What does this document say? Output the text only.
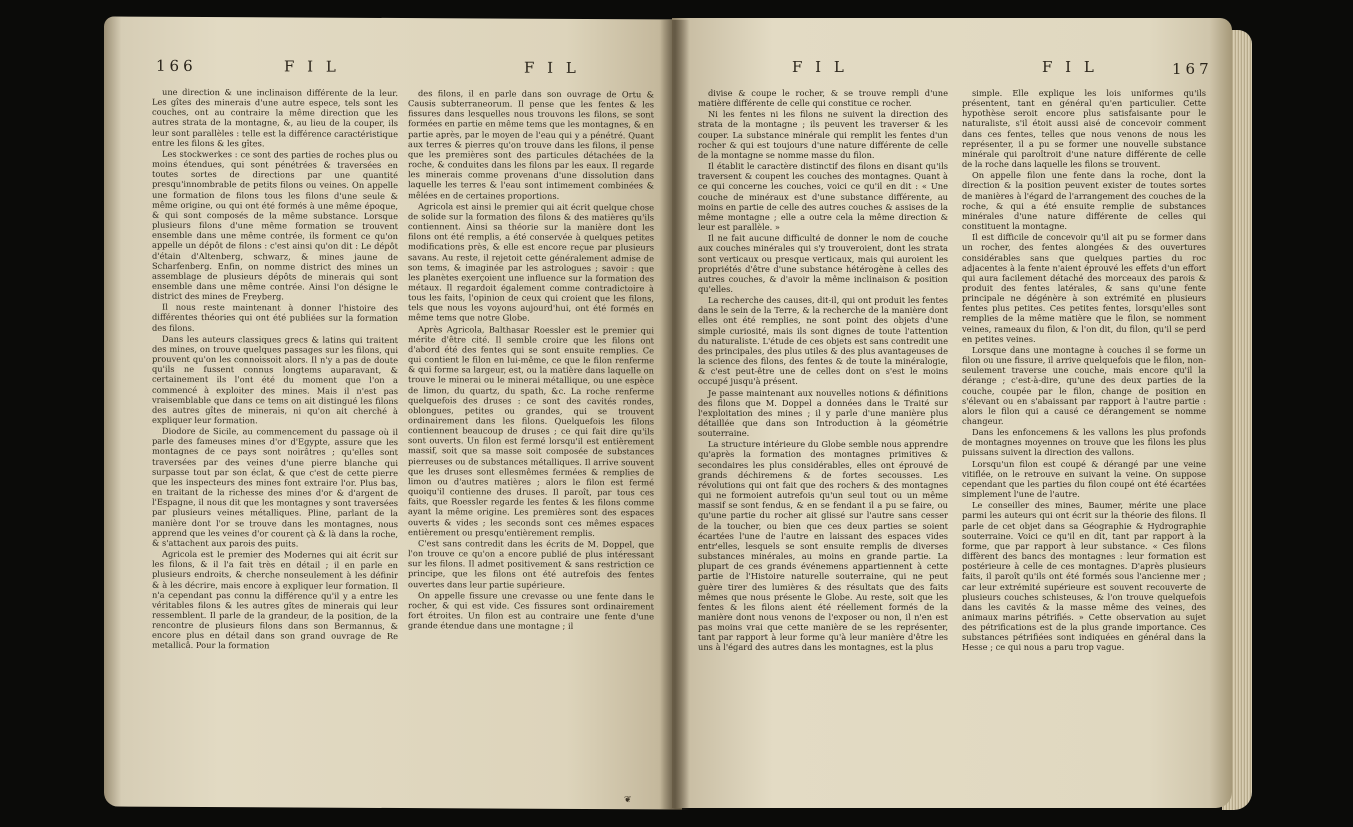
166	F I L	F I L

une direction & une inclinaison différente de la leur. Les gîtes des minerais d'une autre espece, tels sont les couches, ont au contraire la même direction que les autres strata de la montagne, &, au lieu de la couper, ils leur sont parallèles : telle est la différence caractéristique entre les filons & les gîtes.

Les stockwerkes : ce sont des parties de roches plus ou moins étendues, qui sont pénétrées & traversées en toutes sortes de directions par une quantité presqu'innombrable de petits filons ou veines. On appelle une formation de filons tous les filons d'une seule & même origine, ou qui ont été formés à une même époque, & qui sont composés de la même substance. Lorsque plusieurs filons d'une même formation se trouvent ensemble dans une même contrée, ils forment ce qu'on appelle un dépôt de filons : c'est ainsi qu'on dit : Le dépôt d'étain d'Altenberg, schwarz, & mines jaune de Scharfenberg. Enfin, on nomme district des mines un assemblage de plusieurs dépôts de minerais qui sont ensemble dans une même contrée. Ainsi l'on désigne le district des mines de Freyberg.

Il nous reste maintenant à donner l'histoire des différentes théories qui ont été publiées sur la formation des filons.

Dans les auteurs classiques grecs & latins qui traitent des mines, on trouve quelques passages sur les filons, qui prouvent qu'on les connoissoit alors. Il n'y a pas de doute qu'ils ne fussent connus longtems auparavant, & certainement ils l'ont été du moment que l'on a commencé à exploiter des mines. Mais il n'est pas vraisemblable que dans ce tems on ait distingué les filons des autres gîtes de minerais, ni qu'on ait cherché à expliquer leur formation.

Diodore de Sicile, au commencement du passage où il parle des fameuses mines d'or d'Egypte, assure que les montagnes de ce pays sont noirâtres ; qu'elles sont traversées par des veines d'une pierre blanche qui surpasse tout par son éclat, & que c'est de cette pierre que les inspecteurs des mines font extraire l'or. Plus bas, en traitant de la richesse des mines d'or & d'argent de l'Espagne, il nous dit que les montagnes y sont traversées par plusieurs veines métalliques. Pline, parlant de la manière dont l'or se trouve dans les montagnes, nous apprend que les veines d'or courent çà & là dans la roche, & s'attachent aux parois des puits.

Agricola est le premier des Modernes qui ait écrit sur les filons, & il l'a fait très en détail ; il en parle en plusieurs endroits, & cherche nonseulement à les définir & à les décrire, mais encore à expliquer leur formation. Il n'a cependant pas connu la différence qu'il y a entre les véritables filons & les autres gîtes de minerais qui leur ressemblent. Il parle de la grandeur, de la position, de la rencontre de plusieurs filons dans son Bermannus, & encore plus en détail dans son grand ouvrage de Re metallicâ. Pour la formation

des filons, il en parle dans son ouvrage de Ortu & Causis subterraneorum. Il pense que les fentes & les fissures dans lesquelles nous trouvons les filons, se sont formées en partie en même tems que les montagnes, & en partie après, par le moyen de l'eau qui y a pénétré. Quant aux terres & pierres qu'on trouve dans les filons, il pense que les premières sont des particules détachées de la roche, & conduites dans les filons par les eaux. Il regarde les minerais comme provenans d'une dissolution dans laquelle les terres & l'eau sont intimement combinées & mêlées en de certaines proportions.

Agricola est ainsi le premier qui ait écrit quelque chose de solide sur la formation des filons & des matières qu'ils contiennent. Ainsi sa théorie sur la manière dont les filons ont été remplis, a été conservée à quelques petites modifications près, & elle est encore reçue par plusieurs savans. Au reste, il rejetoit cette généralement admise de son tems, & imaginée par les astrologues ; savoir : que les planètes exerçoient une influence sur la formation des métaux. Il regardoit également comme contradictoire à tous les faits, l'opinion de ceux qui croient que les filons, tels que nous les voyons aujourd'hui, ont été formés en même tems que notre Globe.

Après Agricola, Balthasar Roessler est le premier qui mérite d'être cité. Il semble croire que les filons ont d'abord été des fentes qui se sont ensuite remplies. Ce qui contient le filon en lui-même, ce que le filon renferme & qui forme sa largeur, est, ou la matière dans laquelle on trouve le minerai ou le minerai métallique, ou une espèce de limon, du quartz, du spath, &c. La roche renferme quelquefois des druses : ce sont des cavités rondes, oblongues, petites ou grandes, qui se trouvent ordinairement dans les filons. Quelquefois les filons contiennent beaucoup de druses ; ce qui fait dire qu'ils sont ouverts. Un filon est fermé lorsqu'il est entièrement massif, soit que sa masse soit composée de substances pierreuses ou de substances métalliques. Il arrive souvent que les druses sont ellesmêmes fermées & remplies de limon ou d'autres matières ; alors le filon est fermé quoiqu'il contienne des druses. Il paroît, par tous ces faits, que Roessler regarde les fentes & les filons comme ayant la même origine. Les premières sont des espaces ouverts & vides ; les seconds sont ces mêmes espaces entièrement ou presqu'entièrement remplis.

C'est sans contredit dans les écrits de M. Doppel, que l'on trouve ce qu'on a encore publié de plus intéressant sur les filons. Il admet positivement & sans restriction ce principe, que les filons ont été autrefois des fentes ouvertes dans leur partie supérieure.

On appelle fissure une crevasse ou une fente dans le rocher, & qui est vide. Ces fissures sont ordinairement fort étroites. Un filon est au contraire une fente d'une grande étendue dans une montagne ; il

❦
F I L	F I L	167

divise & coupe le rocher, & se trouve rempli d'une matière différente de celle qui constitue ce rocher.

Ni les fentes ni les filons ne suivent la direction des strata de la montagne ; ils peuvent les traverser & les couper. La substance minérale qui remplit les fentes d'un rocher & qui est toujours d'une nature différente de celle de la montagne se nomme masse du filon.

Il établit le caractère distinctif des filons en disant qu'ils traversent & coupent les couches des montagnes. Quant à ce qui concerne les couches, voici ce qu'il en dit : « Une couche de minéraux est d'une substance différente, au moins en partie de celle des autres couches & assises de la même montagne ; elle a outre cela la même direction & leur est parallèle. »

Il ne fait aucune difficulté de donner le nom de couche aux couches minérales qui s'y trouveroient, dont les strata sont verticaux ou presque verticaux, mais qui auroient les propriétés d'être d'une substance hétérogène à celles des autres couches, & d'avoir la même inclinaison & position qu'elles.

La recherche des causes, dit-il, qui ont produit les fentes dans le sein de la Terre, & la recherche de la manière dont elles ont été remplies, ne sont point des objets d'une simple curiosité, mais ils sont dignes de toute l'attention du naturaliste. L'étude de ces objets est sans contredit une des principales, des plus utiles & des plus avantageuses de la science des filons, des fentes & de toute la minéralogie, & c'est peut-être une de celles dont on s'est le moins occupé jusqu'à présent.

Je passe maintenant aux nouvelles notions & définitions des filons que M. Doppel a données dans le Traité sur l'exploitation des mines ; il y parle d'une manière plus détaillée que dans son Introduction à la géométrie souterraine.

La structure intérieure du Globe semble nous apprendre qu'après la formation des montagnes primitives & secondaires les plus considérables, elles ont éprouvé de grands déchiremens & de fortes secousses. Les révolutions qui ont fait que des rochers & des montagnes qui ne formoient autrefois qu'un seul tout ou un même massif se sont fendus, & en se fendant il a pu se faire, ou qu'une partie du rocher ait glissé sur l'autre sans cesser de la toucher, ou bien que ces deux parties se soient écartées l'une de l'autre en laissant des espaces vides entr'elles, lesquels se sont ensuite remplis de diverses substances minérales, au moins en grande partie. La plupart de ces grands événemens appartiennent à cette partie de l'Histoire naturelle souterraine, qui ne peut guère tirer des lumières & des résultats que des faits mêmes que nous présente le Globe. Au reste, soit que les fentes & les filons aient été réellement formés de la manière dont nous venons de l'exposer ou non, il n'en est pas moins vrai que cette manière de se les représenter, tant par rapport à leur forme qu'à leur manière d'être les uns à l'égard des autres dans les montagnes, est la plus

simple. Elle explique les lois uniformes qu'ils présentent, tant en général qu'en particulier. Cette hypothèse seroit encore plus satisfaisante pour le naturaliste, s'il étoit aussi aisé de concevoir comment dans ces fentes, telles que nous venons de nous les représenter, il a pu se former une nouvelle substance minérale qui paroîtroit d'une nature différente de celle de la roche dans laquelle les filons se trouvent.

On appelle filon une fente dans la roche, dont la direction & la position peuvent exister de toutes sortes de manières à l'égard de l'arrangement des couches de la roche, & qui a été ensuite remplie de substances minérales d'une nature différente de celles qui constituent la montagne.

Il est difficile de concevoir qu'il ait pu se former dans un rocher, des fentes alongées & des ouvertures considérables sans que quelques parties du roc adjacentes à la fente n'aient éprouvé les effets d'un effort qui aura facilement détaché des morceaux des parois & produit des fentes latérales, & sans qu'une fente principale ne dégénère à son extrémité en plusieurs fentes plus petites. Ces petites fentes, lorsqu'elles sont remplies de la même matière que le filon, se nomment veines, rameaux du filon, & l'on dit, du filon, qu'il se perd en petites veines.

Lorsque dans une montagne à couches il se forme un filon ou une fissure, il arrive quelquefois que le filon, non-seulement traverse une couche, mais encore qu'il la dérange ; c'est-à-dire, qu'une des deux parties de la couche, coupée par le filon, change de position en s'élevant ou en s'abaissant par rapport à l'autre partie : alors le filon qui a causé ce dérangement se nomme changeur.

Dans les enfoncemens & les vallons les plus profonds de montagnes moyennes on trouve que les filons les plus puissans suivent la direction des vallons.

Lorsqu'un filon est coupé & dérangé par une veine vitiflée, on le retrouve en suivant la veine. On suppose cependant que les parties du filon coupé ont été écartées simplement l'une de l'autre.

Le conseiller des mines, Baumer, mérite une place parmi les auteurs qui ont écrit sur la théorie des filons. Il parle de cet objet dans sa Géographie & Hydrographie souterraine. Voici ce qu'il en dit, tant par rapport à la forme, que par rapport à leur substance. « Ces filons diffèrent des bancs des montagnes : leur formation est postérieure à celle de ces montagnes. D'après plusieurs faits, il paroît qu'ils ont été formés sous l'ancienne mer ; car leur extrémité supérieure est souvent recouverte de plusieurs couches schisteuses, & l'on trouve quelquefois dans les cavités & la masse même des veines, des animaux marins pétrifiés. » Cette observation au sujet des pétrifications est de la plus grande importance. Ces substances pétrifiées sont indiquées en général dans la Hesse ; ce qui nous a paru trop vague.
